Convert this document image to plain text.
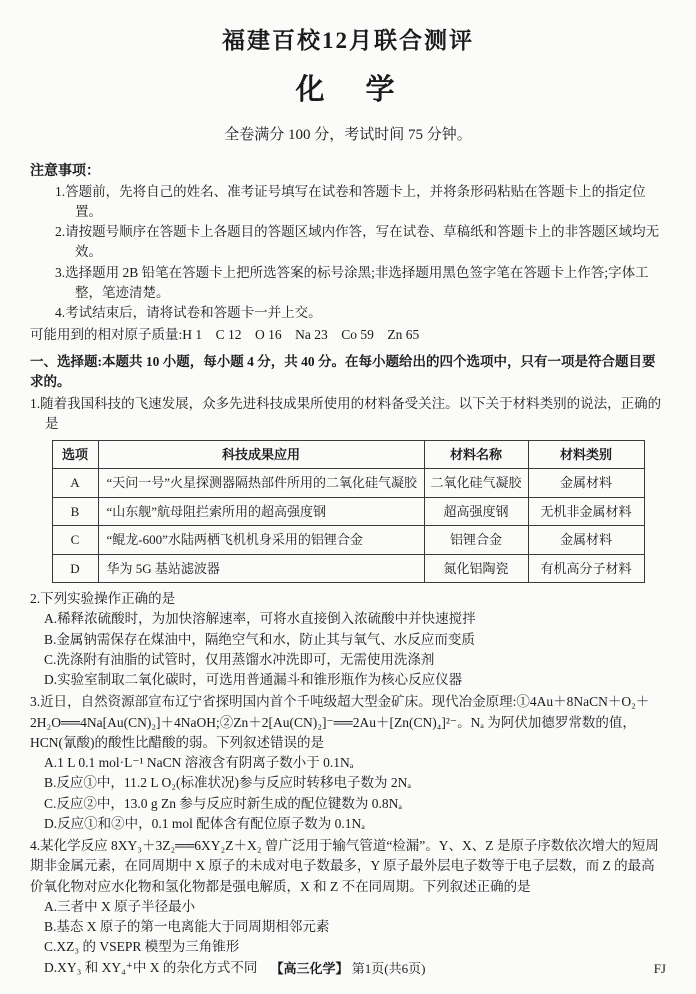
福建百校12月联合测评
化　学
全卷满分 100 分，考试时间 75 分钟。
注意事项：
1.答题前，先将自己的姓名、准考证号填写在试卷和答题卡上，并将条形码粘贴在答题卡上的指定位置。
2.请按题号顺序在答题卡上各题目的答题区域内作答，写在试卷、草稿纸和答题卡上的非答题区域均无效。
3.选择题用 2B 铅笔在答题卡上把所选答案的标号涂黑;非选择题用黑色签字笔在答题卡上作答;字体工整，笔迹清楚。
4.考试结束后，请将试卷和答题卡一并上交。
可能用到的相对原子质量:H 1　C 12　O 16　Na 23　Co 59　Zn 65
一、选择题:本题共 10 小题，每小题 4 分，共 40 分。在每小题给出的四个选项中，只有一项是符合题目要求的。
1.随着我国科技的飞速发展，众多先进科技成果所使用的材料备受关注。以下关于材料类别的说法，正确的是
选项	科技成果应用	材料名称	材料类别
A	“天问一号”火星探测器隔热部件所用的二氧化硅气凝胶	二氧化硅气凝胶	金属材料
B	“山东舰”航母阻拦索所用的超高强度钢	超高强度钢	无机非金属材料
C	“鲲龙-600”水陆两栖飞机机身采用的铝锂合金	铝锂合金	金属材料
D	华为 5G 基站滤波器	氮化铝陶瓷	有机高分子材料
2.下列实验操作正确的是
A.稀释浓硫酸时，为加快溶解速率，可将水直接倒入浓硫酸中并快速搅拌
B.金属钠需保存在煤油中，隔绝空气和水，防止其与氧气、水反应而变质
C.洗涤附有油脂的试管时，仅用蒸馏水冲洗即可，无需使用洗涤剂
D.实验室制取二氧化碳时，可选用普通漏斗和锥形瓶作为核心反应仪器
3.近日，自然资源部宣布辽宁省探明国内首个千吨级超大型金矿床。现代冶金原理:①4Au＋8NaCN＋O₂＋2H₂O══4Na[Au(CN)₂]＋4NaOH;②Zn＋2[Au(CN)₂]⁻══2Au＋[Zn(CN)₄]²⁻。Nₐ 为阿伏加德罗常数的值，HCN(氰酸)的酸性比醋酸的弱。下列叙述错误的是
A.1 L 0.1 mol·L⁻¹ NaCN 溶液含有阴离子数小于 0.1Nₐ
B.反应①中，11.2 L O₂(标准状况)参与反应时转移电子数为 2Nₐ
C.反应②中，13.0 g Zn 参与反应时新生成的配位键数为 0.8Nₐ
D.反应①和②中，0.1 mol 配体含有配位原子数为 0.1Nₐ
4.某化学反应 8XY₃＋3Z₂══6XY₂Z＋X₂ 曾广泛用于输气管道“检漏”。Y、X、Z 是原子序数依次增大的短周期非金属元素，在同周期中 X 原子的未成对电子数最多，Y 原子最外层电子数等于电子层数，而 Z 的最高价氧化物对应水化物和氢化物都是强电解质，X 和 Z 不在同周期。下列叙述正确的是
A.三者中 X 原子半径最小
B.基态 X 原子的第一电离能大于同周期相邻元素
C.XZ₃ 的 VSEPR 模型为三角锥形
D.XY₃ 和 XY₄⁺中 X 的杂化方式不同	【高三化学】 第1页(共6页)	FJ
